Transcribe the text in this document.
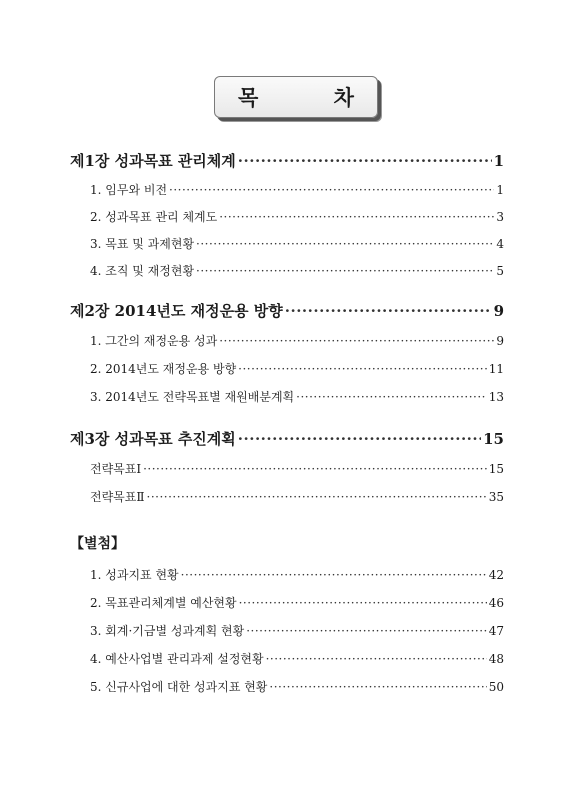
목 차
제1장 성과목표 관리체계 ·····	1
1. 임무와 비전 ·····	1
2. 성과목표 관리 체계도 ·····	3
3. 목표 및 과제현황 ·····	4
4. 조직 및 재정현황 ·····	5
제2장 2014년도 재정운용 방향 ·····	9
1. 그간의 재정운용 성과 ·····	9
2. 2014년도 재정운용 방향 ·····	11
3. 2014년도 전략목표별 재원배분계획 ·····	13
제3장 성과목표 추진계획 ·····	15
전략목표Ⅰ ·····	15
전략목표Ⅱ ·····	35
【별첨】
1. 성과지표 현황 ·····	42
2. 목표관리체계별 예산현황 ·····	46
3. 회계·기금별 성과계획 현황 ·····	47
4. 예산사업별 관리과제 설정현황 ·····	48
5. 신규사업에 대한 성과지표 현황 ·····	50
